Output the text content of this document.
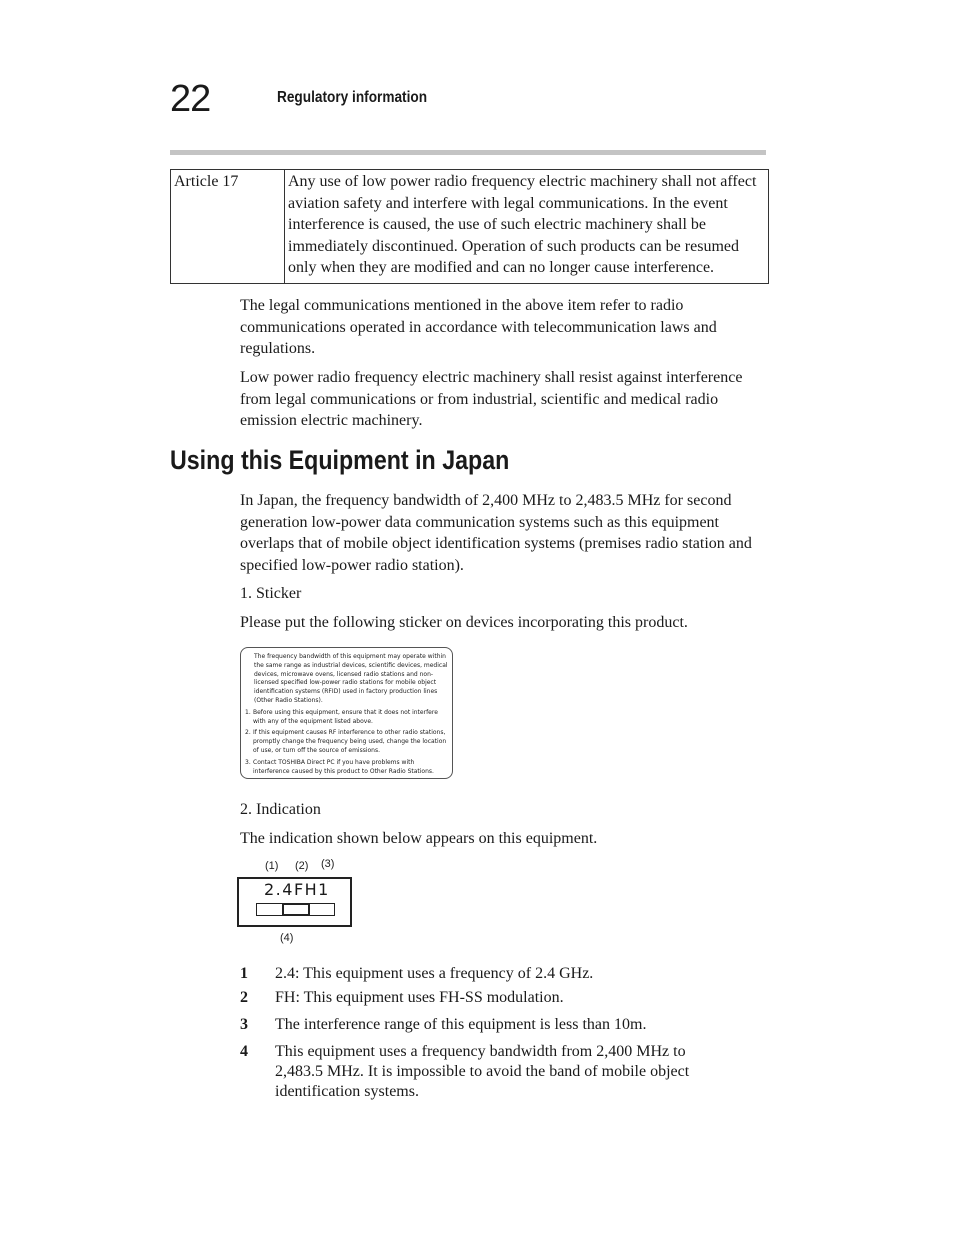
22	Regulatory information
Article 17	Any use of low power radio frequency electric machinery shall not affect aviation safety and interfere with legal communications. In the event interference is caused, the use of such electric machinery shall be immediately discontinued. Operation of such products can be resumed only when they are modified and can no longer cause interference.
The legal communications mentioned in the above item refer to radio communications operated in accordance with telecommunication laws and regulations.
Low power radio frequency electric machinery shall resist against interference from legal communications or from industrial, scientific and medical radio emission electric machinery.
Using this Equipment in Japan
In Japan, the frequency bandwidth of 2,400 MHz to 2,483.5 MHz for second generation low-power data communication systems such as this equipment overlaps that of mobile object identification systems (premises radio station and specified low-power radio station).
1. Sticker
Please put the following sticker on devices incorporating this product.
The frequency bandwidth of this equipment may operate within the same range as industrial devices, scientific devices, medical devices, microwave ovens, licensed radio stations and non-licensed specified low-power radio stations for mobile object identification systems (RFID) used in factory production lines (Other Radio Stations).
1. Before using this equipment, ensure that it does not interfere with any of the equipment listed above.
2. If this equipment causes RF interference to other radio stations, promptly change the frequency being used, change the location of use, or turn off the source of emissions.
3. Contact TOSHIBA Direct PC if you have problems with interference caused by this product to Other Radio Stations.
2. Indication
The indication shown below appears on this equipment.
(1) (2) (3)
2.4FH1
(4)
1	2.4: This equipment uses a frequency of 2.4 GHz.
2	FH: This equipment uses FH-SS modulation.
3	The interference range of this equipment is less than 10m.
4	This equipment uses a frequency bandwidth from 2,400 MHz to 2,483.5 MHz. It is impossible to avoid the band of mobile object identification systems.
